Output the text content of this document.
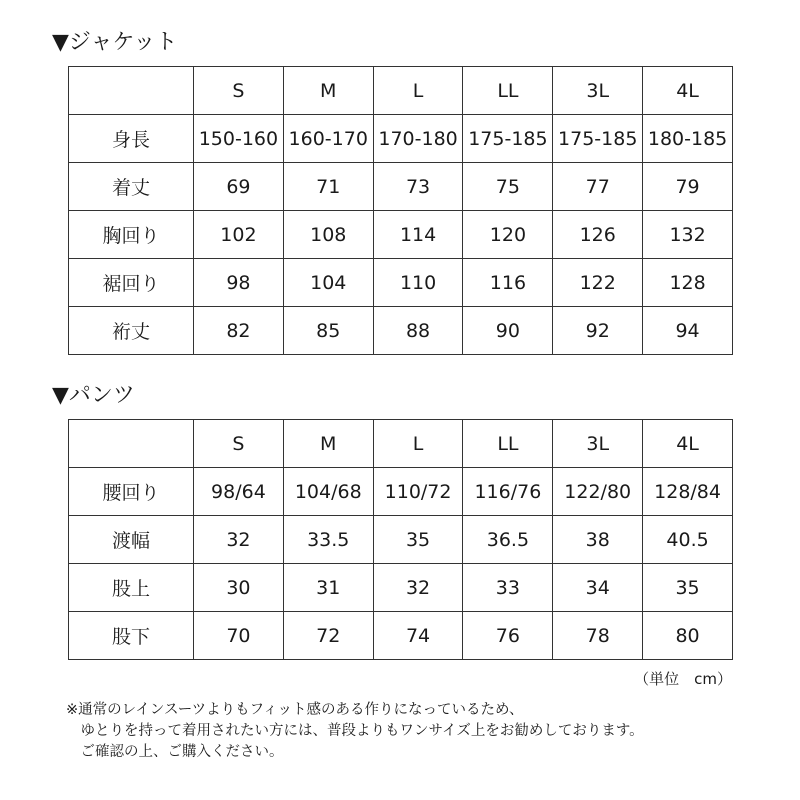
▼ジャケット
	S	M	L	LL	3L	4L
身長	150-160	160-170	170-180	175-185	175-185	180-185
着丈	69	71	73	75	77	79
胸回り	102	108	114	120	126	132
裾回り	98	104	110	116	122	128
裄丈	82	85	88	90	92	94
▼パンツ
	S	M	L	LL	3L	4L
腰回り	98/64	104/68	110/72	116/76	122/80	128/84
渡幅	32	33.5	35	36.5	38	40.5
股上	30	31	32	33	34	35
股下	70	72	74	76	78	80
（単位　cm）
※通常のレインスーツよりもフィット感のある作りになっているため、
　ゆとりを持って着用されたい方には、普段よりもワンサイズ上をお勧めしております。
　ご確認の上、ご購入ください。
